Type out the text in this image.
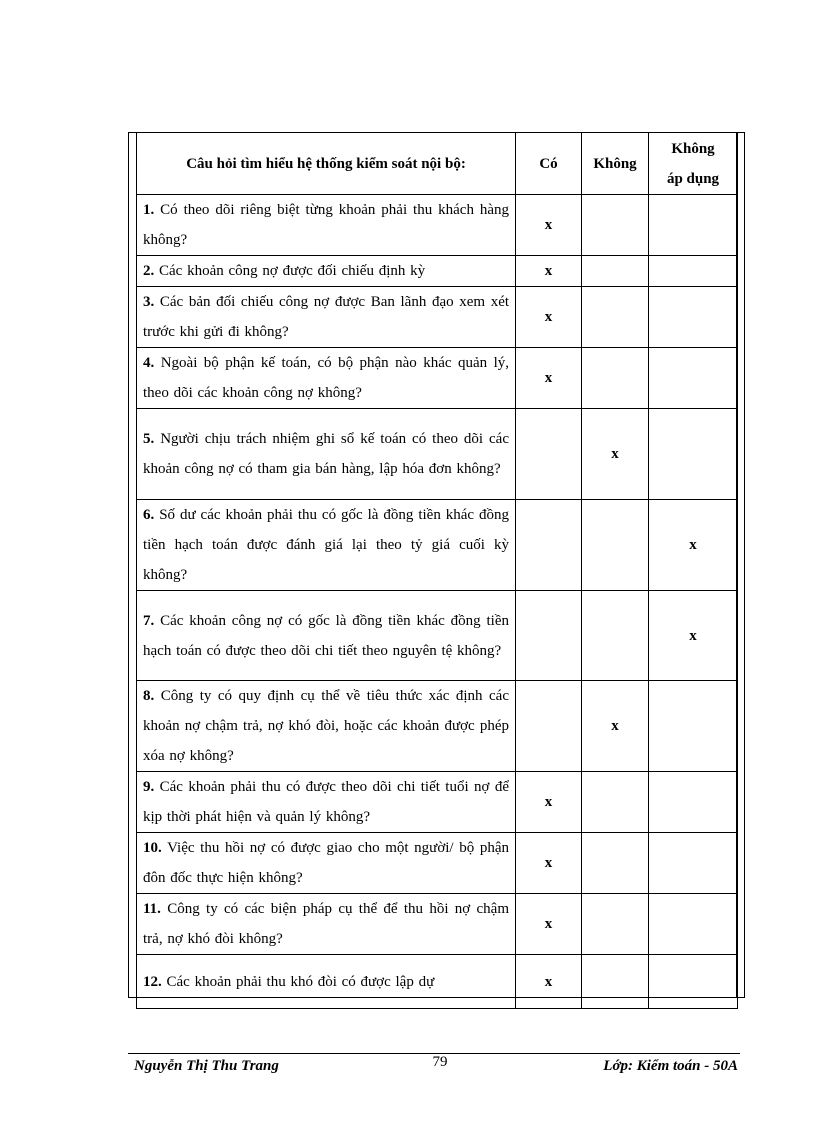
Câu hỏi tìm hiểu hệ thống kiểm soát nội bộ:	Có	Không	Không
áp dụng
1. Có theo dõi riêng biệt từng khoản phải thu khách hàng không?	x		
2. Các khoản công nợ được đối chiếu định kỳ	x		
3. Các bản đối chiếu công nợ được Ban lãnh đạo xem xét trước khi gửi đi không?	x		
4. Ngoài bộ phận kế toán, có bộ phận nào khác quản lý, theo dõi các khoản công nợ không?	x		
5. Người chịu trách nhiệm ghi sổ kế toán có theo dõi các khoản công nợ có tham gia bán hàng, lập hóa đơn không?		x	
6. Số dư các khoản phải thu có gốc là đồng tiền khác đồng tiền hạch toán được đánh giá lại theo tỷ giá cuối kỳ không?			x
7. Các khoản công nợ có gốc là đồng tiền khác đồng tiền hạch toán có được theo dõi chi tiết theo nguyên tệ không?			x
8. Công ty có quy định cụ thể về tiêu thức xác định các khoản nợ chậm trả, nợ khó đòi, hoặc các khoản được phép xóa nợ không?		x	
9. Các khoản phải thu có được theo dõi chi tiết tuổi nợ để kịp thời phát hiện và quản lý không?	x		
10. Việc thu hồi nợ có được giao cho một người/ bộ phận đôn đốc thực hiện không?	x		
11. Công ty có các biện pháp cụ thể để thu hồi nợ chậm trả, nợ khó đòi không?	x		
12. Các khoản phải thu khó đòi có được lập dự	x		
Nguyễn Thị Thu Trang	79	Lớp: Kiểm toán - 50A
